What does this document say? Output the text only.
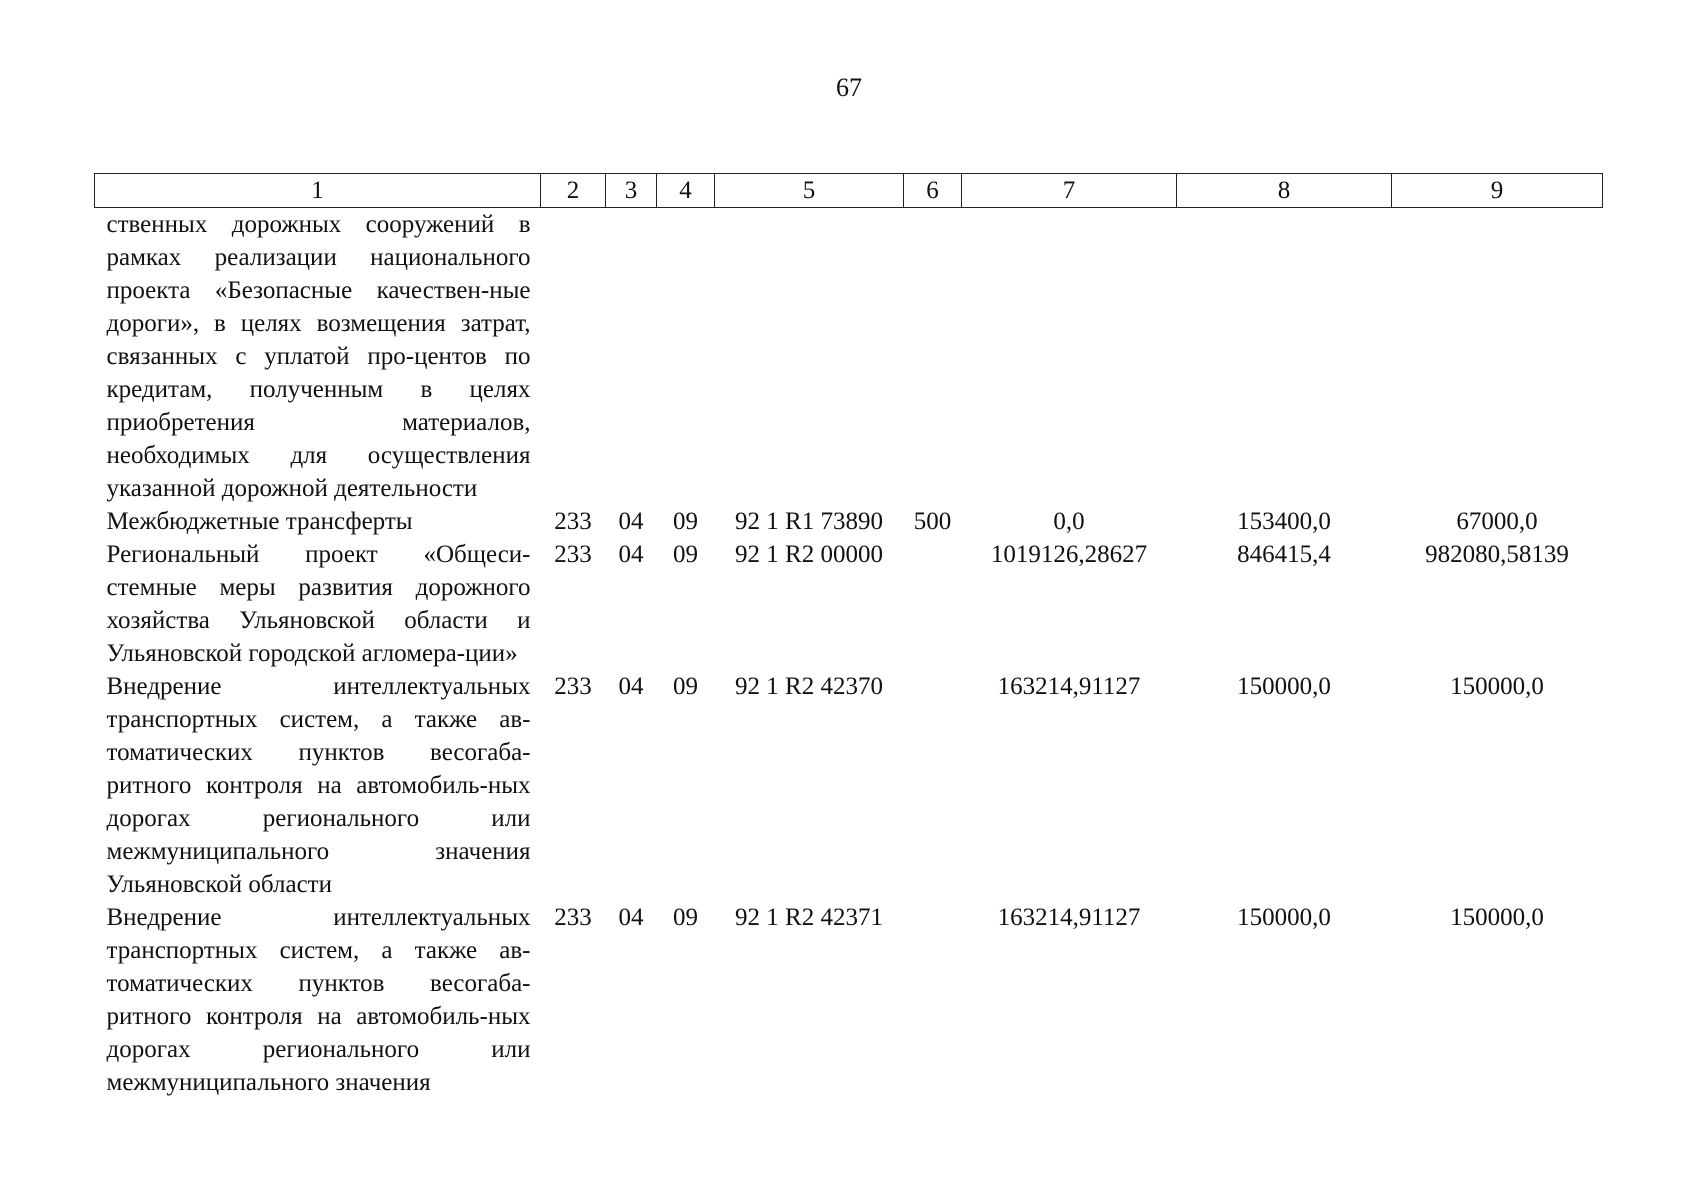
67
1	2	3	4	5	6	7	8	9
ственных дорожных сооружений в рамках реализации национального проекта «Безопасные качествен-ные дороги», в целях возмещения затрат, связанных с уплатой про-центов по кредитам, полученным в целях приобретения материалов, необходимых для осуществления указанной дорожной деятельности								
Межбюджетные трансферты	233	04	09	92 1 R1 73890	500	0,0	153400,0	67000,0
Региональный проект «Общеси-стемные меры развития дорожного хозяйства Ульяновской области и Ульяновской городской агломера-ции»	233	04	09	92 1 R2 00000		1019126,28627	846415,4	982080,58139
Внедрение интеллектуальных транспортных систем, а также ав-томатических пунктов весогаба-ритного контроля на автомобиль-ных дорогах регионального или межмуниципального значения Ульяновской области	233	04	09	92 1 R2 42370		163214,91127	150000,0	150000,0
Внедрение интеллектуальных транспортных систем, а также ав-томатических пунктов весогаба-ритного контроля на автомобиль-ных дорогах регионального или межмуниципального значения	233	04	09	92 1 R2 42371		163214,91127	150000,0	150000,0
